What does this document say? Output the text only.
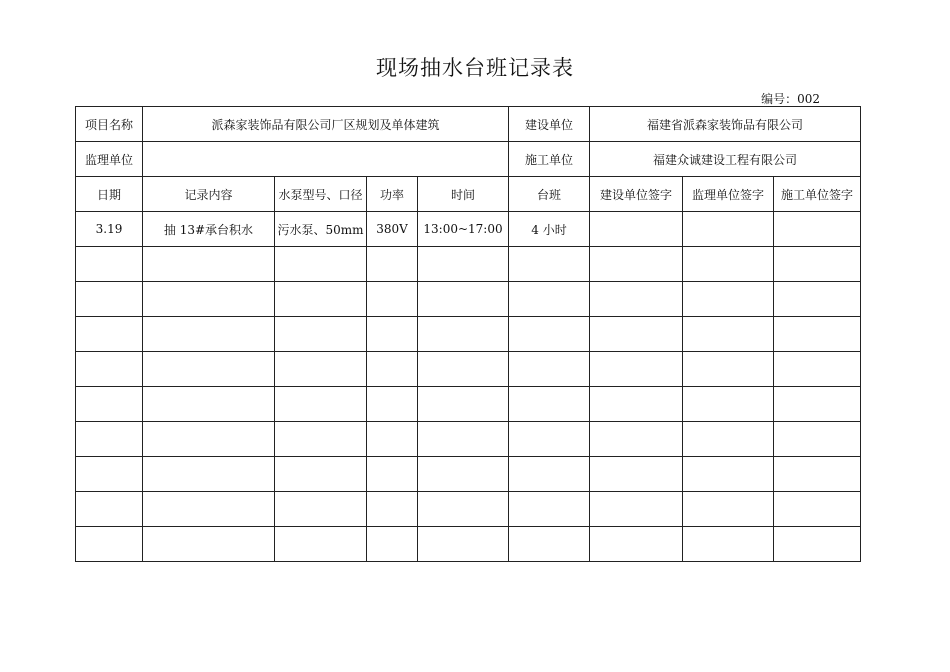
现场抽水台班记录表
编号：002
项目名称	派森家装饰品有限公司厂区规划及单体建筑				建设单位	福建省派森家装饰品有限公司		
监理单位					施工单位	福建众诚建设工程有限公司		
日期	记录内容	水泵型号、口径	功率	时间	台班	建设单位签字	监理单位签字	施工单位签字
3.19	抽 13#承台积水	污水泵、50mm	380V	13:00~17:00	4 小时			
